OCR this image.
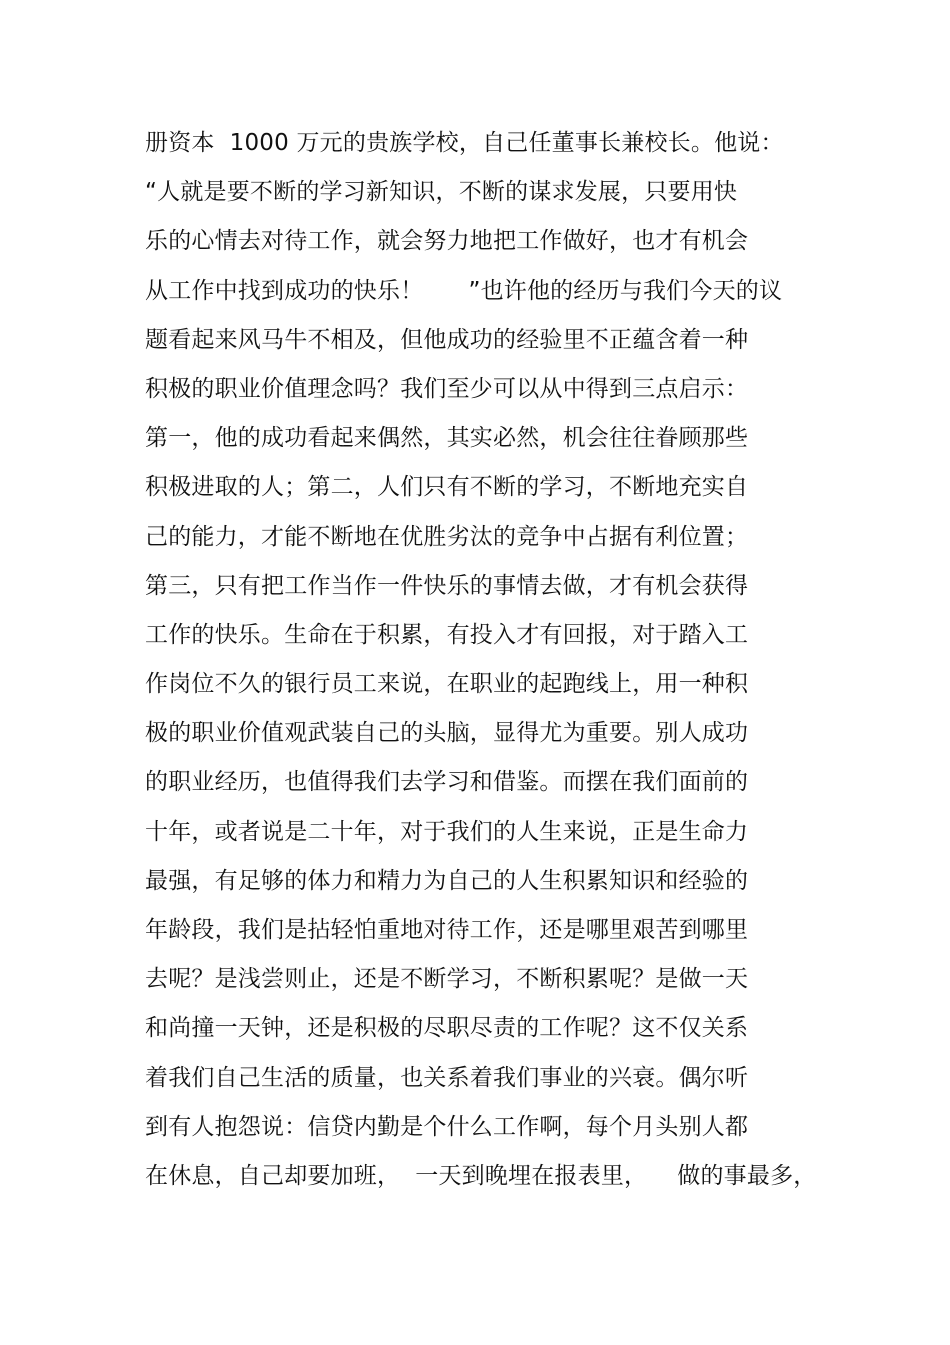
册资本  1000 万元的贵族学校，自己任董事长兼校长。他说：
“人就是要不断的学习新知识，不断的谋求发展，只要用快
乐的心情去对待工作，就会努力地把工作做好，也才有机会
从工作中找到成功的快乐！      ”也许他的经历与我们今天的议
题看起来风马牛不相及，但他成功的经验里不正蕴含着一种
积极的职业价值理念吗？我们至少可以从中得到三点启示：
第一，他的成功看起来偶然，其实必然，机会往往眷顾那些
积极进取的人；第二，人们只有不断的学习，不断地充实自
己的能力，才能不断地在优胜劣汰的竞争中占据有利位置；
第三，只有把工作当作一件快乐的事情去做，才有机会获得
工作的快乐。生命在于积累，有投入才有回报，对于踏入工
作岗位不久的银行员工来说，在职业的起跑线上，用一种积
极的职业价值观武装自己的头脑，显得尤为重要。别人成功
的职业经历，也值得我们去学习和借鉴。而摆在我们面前的
十年，或者说是二十年，对于我们的人生来说，正是生命力
最强，有足够的体力和精力为自己的人生积累知识和经验的
年龄段，我们是拈轻怕重地对待工作，还是哪里艰苦到哪里
去呢？是浅尝则止，还是不断学习，不断积累呢？是做一天
和尚撞一天钟，还是积极的尽职尽责的工作呢？这不仅关系
着我们自己生活的质量，也关系着我们事业的兴衰。偶尔听
到有人抱怨说：信贷内勤是个什么工作啊，每个月头别人都
在休息，自己却要加班，  一天到晚埋在报表里，    做的事最多，
